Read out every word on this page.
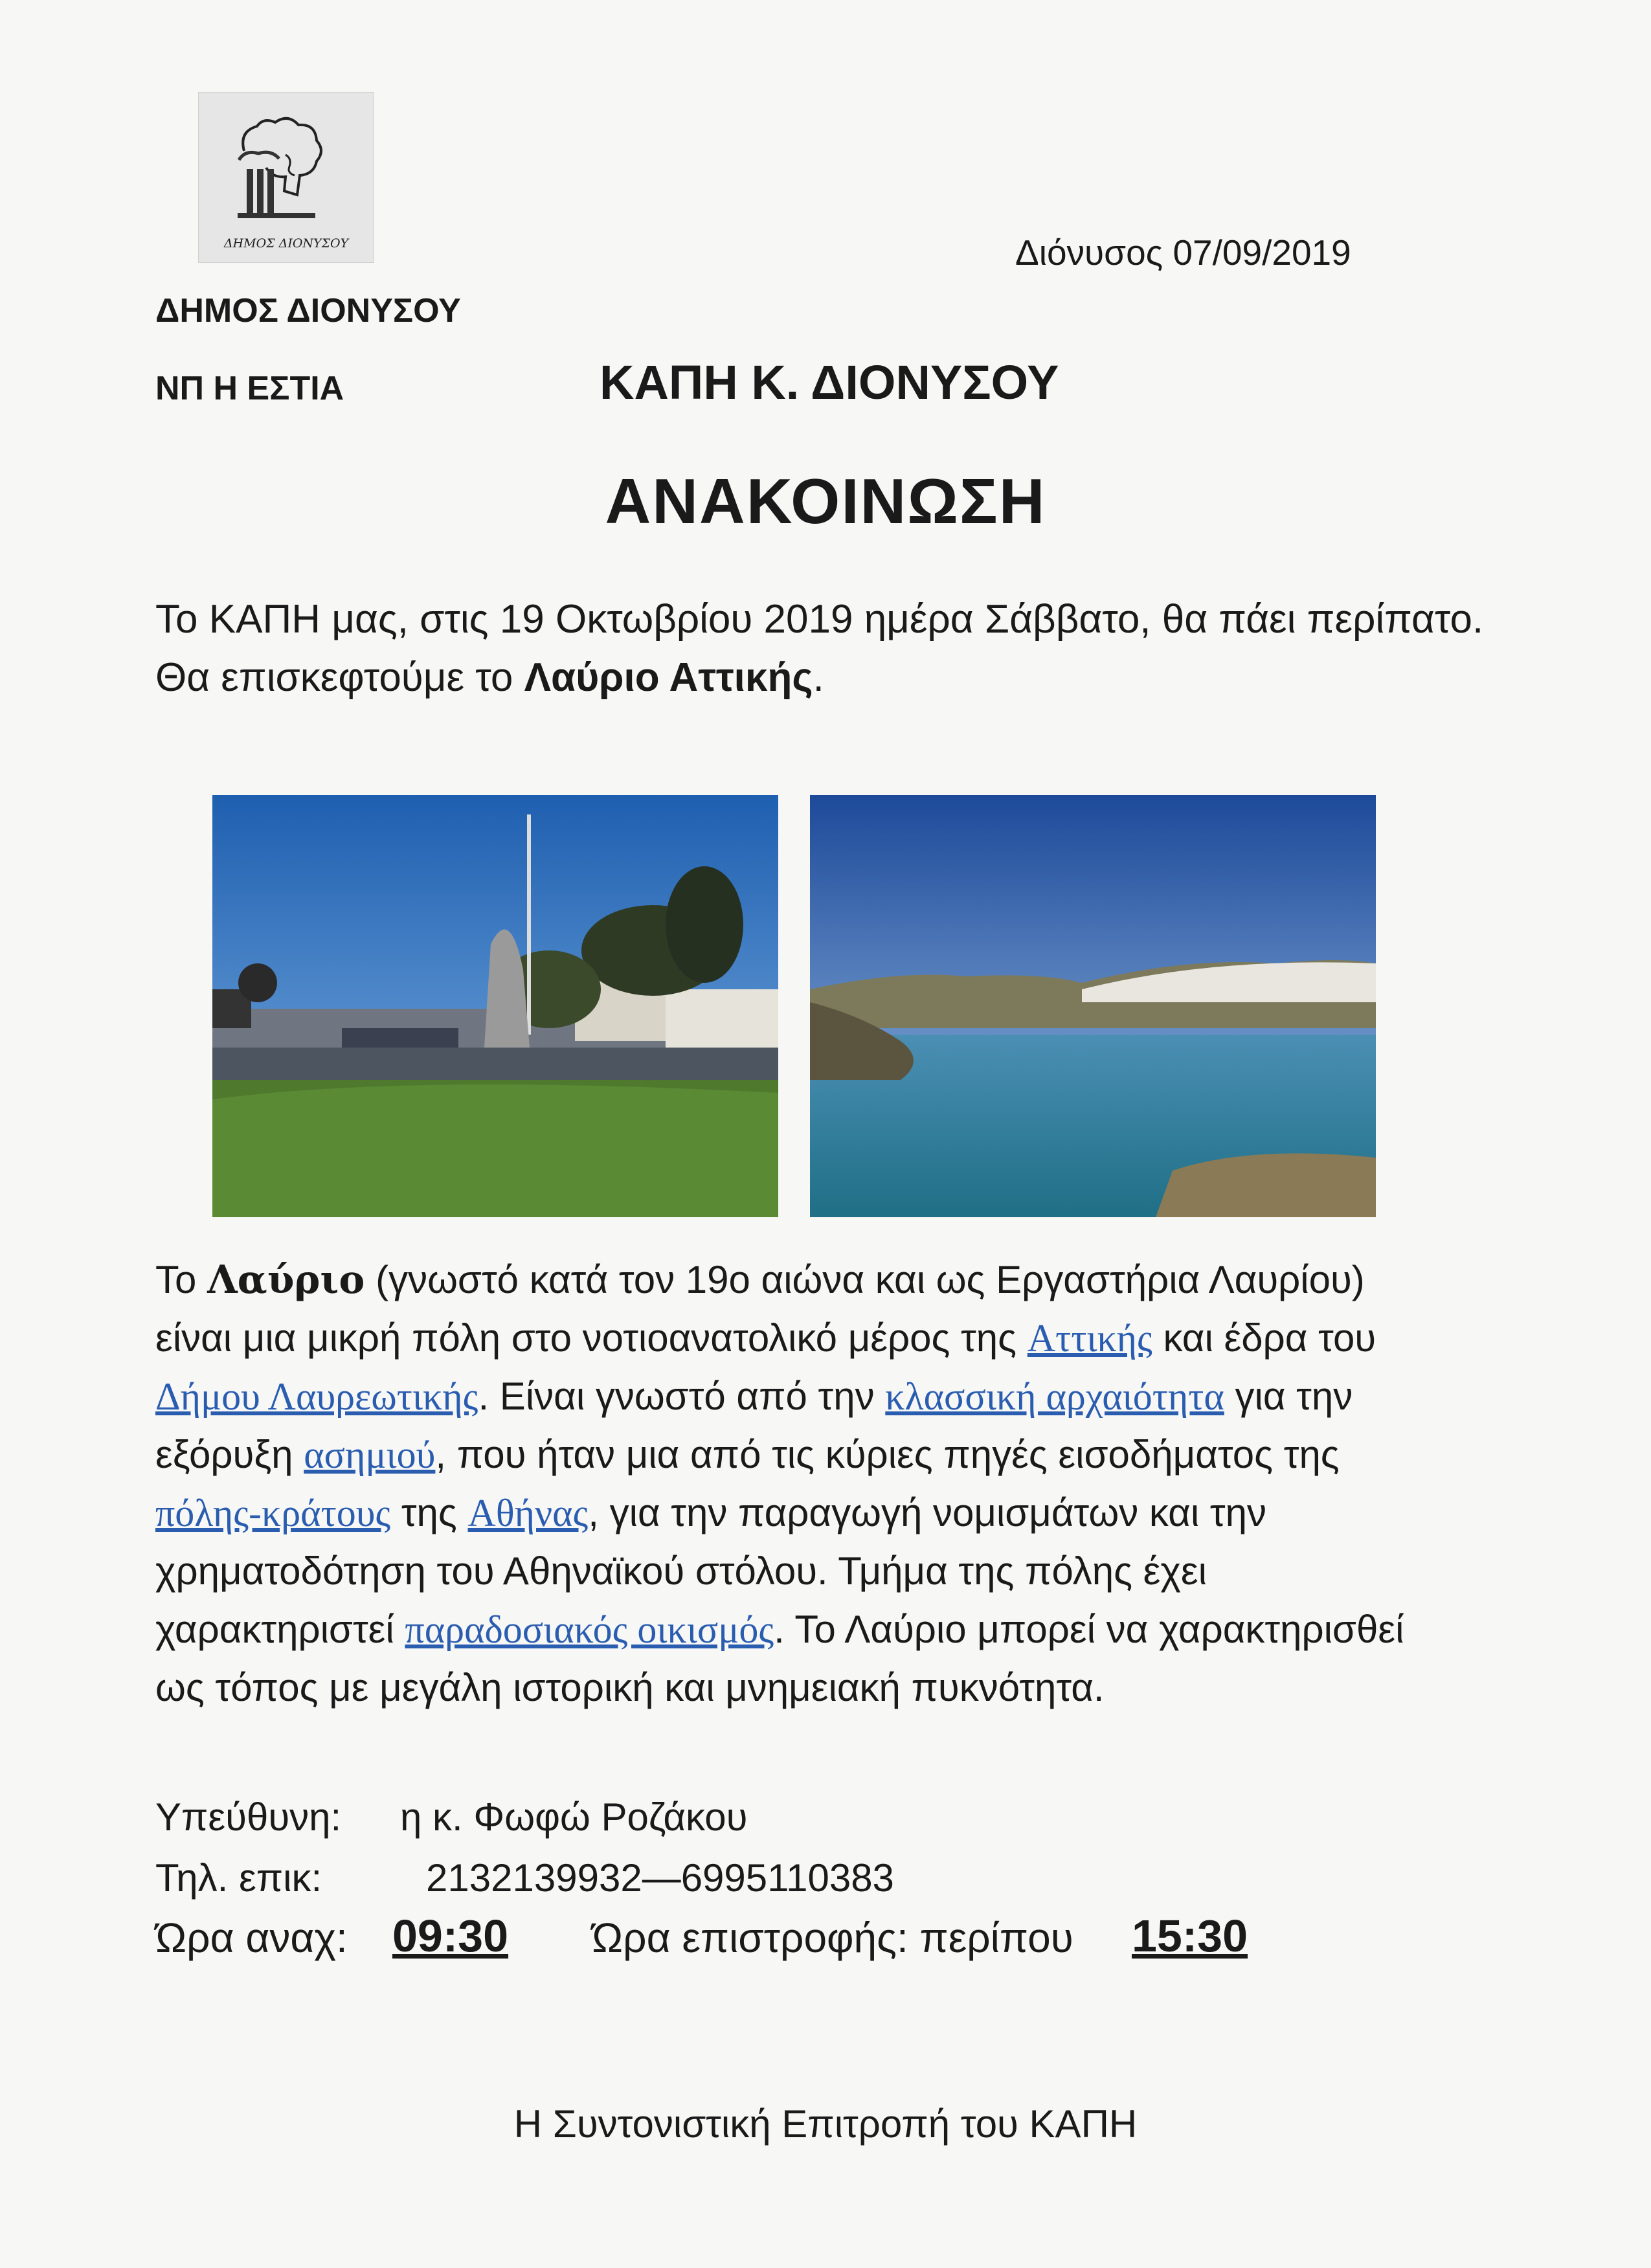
ΔΗΜΟΣ ΔΙΟΝΥΣΟΥ	Διόνυσος 07/09/2019
ΔΗΜΟΣ ΔΙΟΝΥΣΟΥ
ΝΠ Η ΕΣΤΙΑ	ΚΑΠΗ Κ. ΔΙΟΝΥΣΟΥ
ΑΝΑΚΟΙΝΩΣΗ
Το ΚΑΠΗ μας, στις 19 Οκτωβρίου 2019 ημέρα Σάββατο, θα πάει περίπατο.
Θα επισκεφτούμε το Λαύριο Αττικής.
Το Λαύριο (γνωστό κατά τον 19ο αιώνα και ως Εργαστήρια Λαυρίου) είναι μια μικρή πόλη στο νοτιοανατολικό μέρος της Αττικής και έδρα του Δήμου Λαυρεωτικής. Είναι γνωστό από την κλασσική αρχαιότητα για την εξόρυξη ασημιού, που ήταν μια από τις κύριες πηγές εισοδήματος της πόλης-κράτους της Αθήνας, για την παραγωγή νομισμάτων και την χρηματοδότηση του Αθηναϊκού στόλου. Τμήμα της πόλης έχει χαρακτηριστεί παραδοσιακός οικισμός. Το Λαύριο μπορεί να χαρακτηρισθεί ως τόπος με μεγάλη ιστορική και μνημειακή πυκνότητα.
Υπεύθυνη: η κ. Φωφώ Ροζάκου
Τηλ. επικ:	2132139932—6995110383
Ώρα αναχ: 09:30 Ώρα επιστροφής: περίπου 15:30
Η Συντονιστική Επιτροπή του ΚΑΠΗ
